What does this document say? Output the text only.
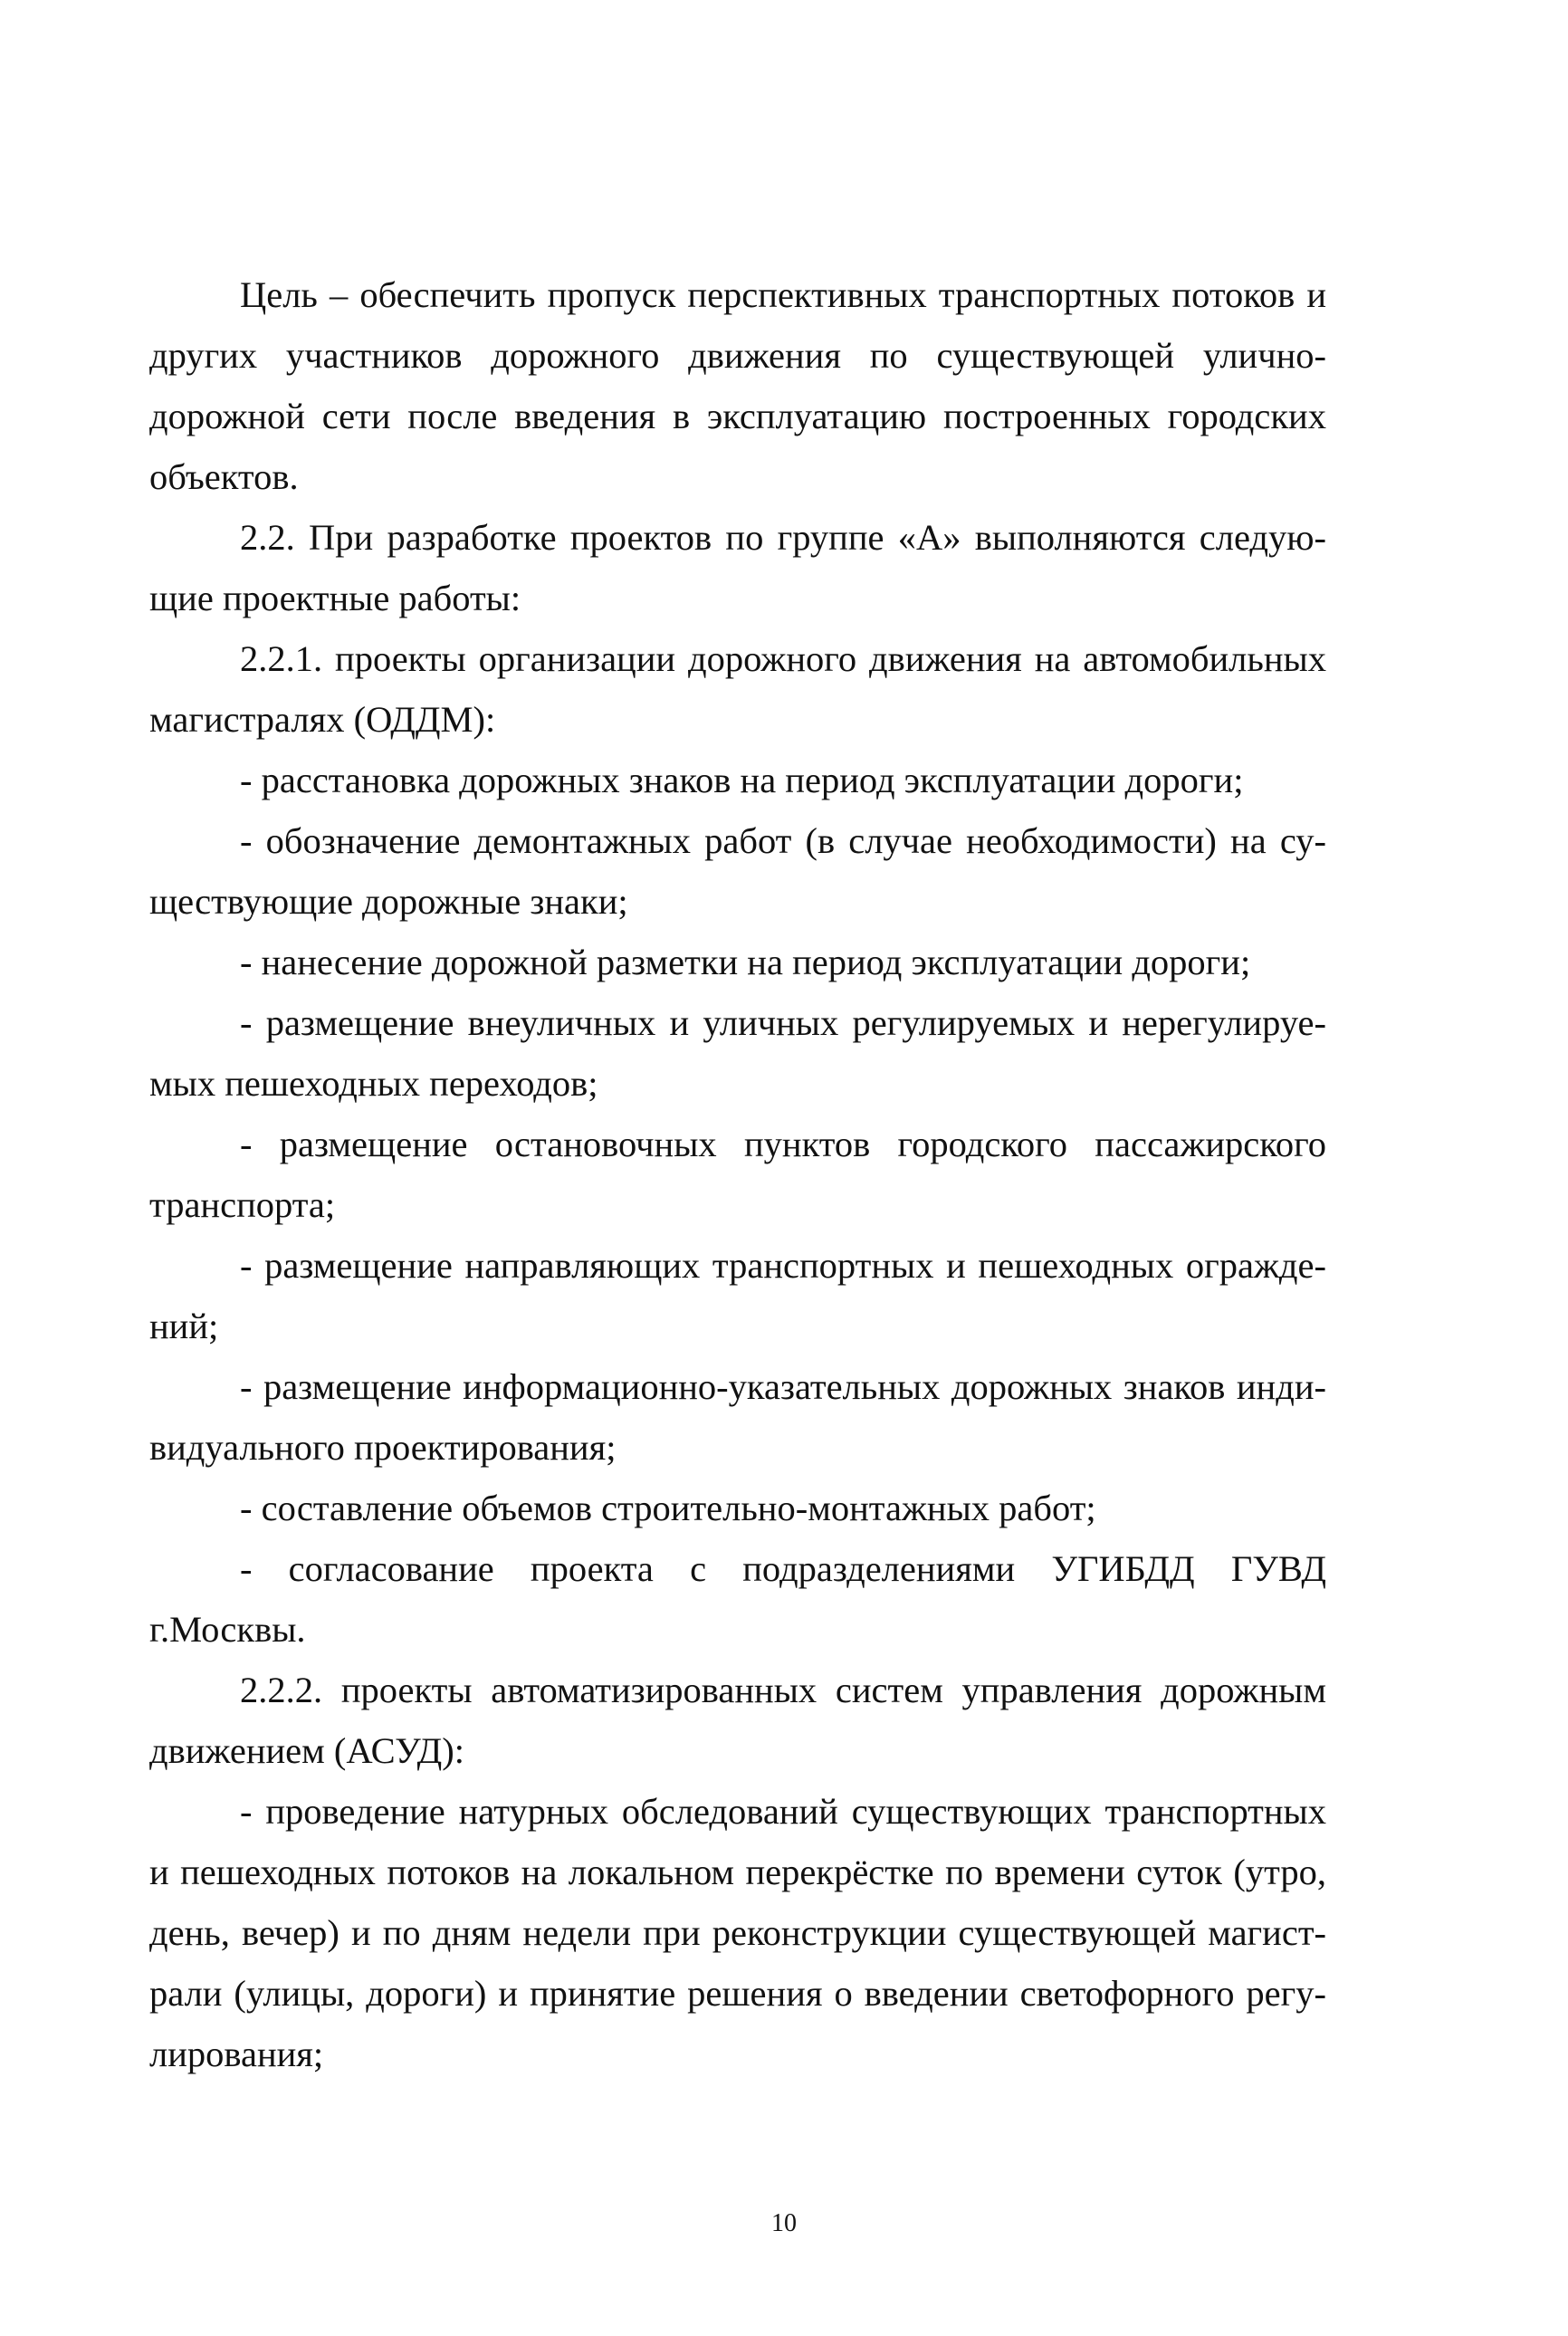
Цель – обеспечить пропуск перспективных транспортных потоков и других участников дорожного движения по существующей улично-дорожной сети после введения в эксплуатацию построенных городских объектов.

2.2. При разработке проектов по группе «А» выполняются следую-щие проектные работы:

2.2.1. проекты организации дорожного движения на автомобильных магистралях (ОДДМ):

- расстановка дорожных знаков на период эксплуатации дороги;

- обозначение демонтажных работ (в случае необходимости) на су-ществующие дорожные знаки;

- нанесение дорожной разметки на период эксплуатации дороги;

- размещение внеуличных и уличных регулируемых и нерегулируе-мых пешеходных переходов;

- размещение остановочных пунктов городского пассажирского транспорта;

- размещение направляющих транспортных и пешеходных огражде-ний;

- размещение информационно-указательных дорожных знаков инди-видуального проектирования;

- составление объемов строительно-монтажных работ;

- согласование проекта с подразделениями УГИБДД ГУВД г.Москвы.

2.2.2. проекты автоматизированных систем управления дорожным движением (АСУД):

- проведение натурных обследований существующих транспортных и пешеходных потоков на локальном перекрёстке по времени суток (утро, день, вечер) и по дням недели при реконструкции существующей магист-рали (улицы, дороги) и принятие решения о введении светофорного регу-лирования;

10
